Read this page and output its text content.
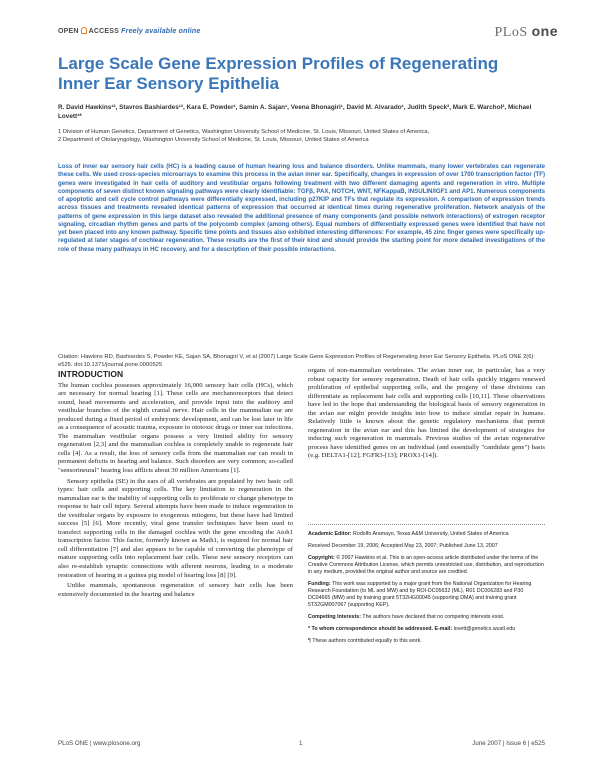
OPEN ACCESS Freely available online	PLoS one
Large Scale Gene Expression Profiles of Regenerating Inner Ear Sensory Epithelia
R. David Hawkins¹², Stavros Bashiardes¹², Kara E. Powder¹, Samin A. Sajan¹, Veena Bhonagiri¹, David M. Alvarado¹, Judith Speck², Mark E. Warchol², Michael Lovett¹*
1 Division of Human Genetics, Department of Genetics, Washington University School of Medicine, St. Louis, Missouri, United States of America,
2 Department of Otolaryngology, Washington University School of Medicine, St. Louis, Missouri, United States of America
Loss of inner ear sensory hair cells (HC) is a leading cause of human hearing loss and balance disorders. Unlike mammals, many lower vertebrates can regenerate these cells. We used cross-species microarrays to examine this process in the avian inner ear. Specifically, changes in expression of over 1700 transcription factor (TF) genes were investigated in hair cells of auditory and vestibular organs following treatment with two different damaging agents and regeneration in vitro. Multiple components of seven distinct known signaling pathways were clearly identifiable: TGFβ, PAX, NOTCH, WNT, NFKappaB, INSULIN/IGF1 and AP1. Numerous components of apoptotic and cell cycle control pathways were differentially expressed, including p27KIP and TFs that regulate its expression. A comparison of expression trends across tissues and treatments revealed identical patterns of expression that occurred at identical times during regenerative proliferation. Network analysis of the patterns of gene expression in this large dataset also revealed the additional presence of many components (and possible network interactions) of estrogen receptor signaling, circadian rhythm genes and parts of the polycomb complex (among others). Equal numbers of differentially expressed genes were identified that have not yet been placed into any known pathway. Specific time points and tissues also exhibited interesting differences: For example, 45 zinc finger genes were specifically up-regulated at later stages of cochlear regeneration. These results are the first of their kind and should provide the starting point for more detailed investigations of the role of these many pathways in HC recovery, and for a description of their possible interactions.
Citation: Hawkins RD, Bashiardes S, Powder KE, Sajan SA, Bhonagiri V, et al (2007) Large Scale Gene Expression Profiles of Regenerating Inner Ear Sensory Epithelia. PLoS ONE 2(6): e525. doi:10.1371/journal.pone.0000525
INTRODUCTION

The human cochlea possesses approximately 16,000 sensory hair cells (HCs), which are necessary for normal hearing [1]. These cells are mechanoreceptors that detect sound, head movements and acceleration, and provide input into the auditory and vestibular branches of the eighth cranial nerve. Hair cells in the mammalian ear are produced during a fixed period of embryonic development, and can be lost later in life as a consequence of acoustic trauma, exposure to ototoxic drugs or inner ear infections. The mammalian vestibular organs possess a very limited ability for sensory regeneration [2,3] and the mammalian cochlea is completely unable to regenerate hair cells [4]. As a result, the loss of sensory cells from the mammalian ear can result in permanent deficits in hearing and balance. Such disorders are very common; so-called "sensorineural" hearing loss afflicts about 30 million Americans [1].

Sensory epithelia (SE) in the ears of all vertebrates are populated by two basic cell types: hair cells and supporting cells. The key limitation to regeneration in the mammalian ear is the inability of supporting cells to proliferate or change phenotype in response to hair cell injury. Several attempts have been made to induce regeneration in the vestibular organs by exposure to exogenous mitogens, but these have had limited success [5] [6]. More recently, viral gene transfer techniques have been used to transfect supporting cells in the damaged cochlea with the gene encoding the Atoh1 transcription factor. This factor, formerly known as Math1, is required for normal hair cell differentiation [7] and also appears to be capable of converting the phenotype of mature supporting cells into replacement hair cells. These new sensory receptors can also re-establish synaptic connections with afferent neurons, leading to a moderate restoration of hearing in a guinea pig model of hearing loss [8] [9].

Unlike mammals, spontaneous regeneration of sensory hair cells has been extensively documented in the hearing and balance

organs of non-mammalian vertebrates. The avian inner ear, in particular, has a very robust capacity for sensory regeneration. Death of hair cells quickly triggers renewed proliferation of epithelial supporting cells, and the progeny of these divisions can differentiate as replacement hair cells and supporting cells [10,11]. These observations have led to the hope that understanding the biological basis of sensory regeneration in the avian ear might provide insights into how to induce similar repair in humans. Relatively little is known about the genetic regulatory mechanisms that permit regeneration in the avian ear and this has limited the development of strategies for inducing such regeneration in mammals. Previous studies of the avian regenerative process have identified genes on an individual (and essentially "candidate gene") basis (e.g. DELTA1-[12]; FGFR3-[13]; PROX1-[14]).

Academic Editor: Rodolfo Aramayo, Texas A&M University, United States of America

Received December 19, 2006; Accepted May 23, 2007; Published June 13, 2007

Copyright: © 2007 Hawkins et al. This is an open-access article distributed under the terms of the Creative Commons Attribution License, which permits unrestricted use, distribution, and reproduction in any medium, provided the original author and source are credited.

Funding: This work was supported by a major grant from the National Organization for Hearing Research Foundation (to ML and MW) and by ROI-DC05632 (ML), R01 DC006283 and P30 DC04665 (MW) and by training grant 5T32HG00045 (supporting DMA) and training grant 5T32GM007067 (supporting KEP).

Competing Interests: The authors have declared that no competing interests exist.

* To whom correspondence should be addressed. E-mail: lovett@genetics.wustl.edu

¶ These authors contributed equally to this work.

PLoS ONE | www.plosone.org	1	June 2007 | Issue 6 | e525
